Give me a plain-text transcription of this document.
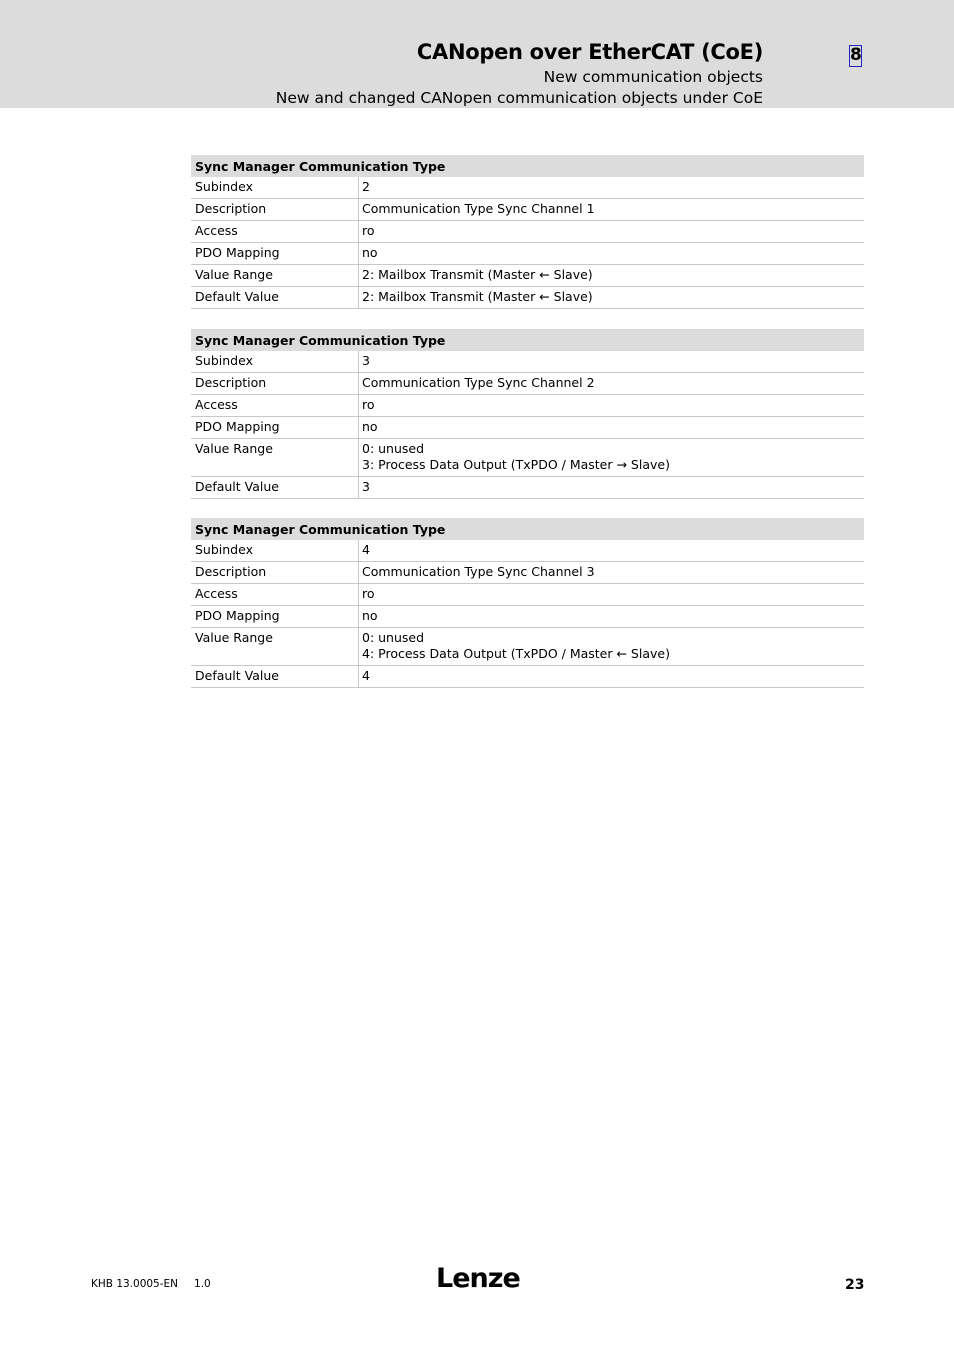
CANopen over EtherCAT (CoE)
New communication objects
New and changed CANopen communication objects under CoE
8
Sync Manager Communication Type
Subindex	2
Description	Communication Type Sync Channel 1
Access	ro
PDO Mapping	no
Value Range	2: Mailbox Transmit (Master ← Slave)
Default Value	2: Mailbox Transmit (Master ← Slave)
Sync Manager Communication Type
Subindex	3
Description	Communication Type Sync Channel 2
Access	ro
PDO Mapping	no
Value Range	0: unused
3: Process Data Output (TxPDO / Master → Slave)
Default Value	3
Sync Manager Communication Type
Subindex	4
Description	Communication Type Sync Channel 3
Access	ro
PDO Mapping	no
Value Range	0: unused
4: Process Data Output (TxPDO / Master ← Slave)
Default Value	4
KHB 13.0005-EN 1.0	Lenze	23
